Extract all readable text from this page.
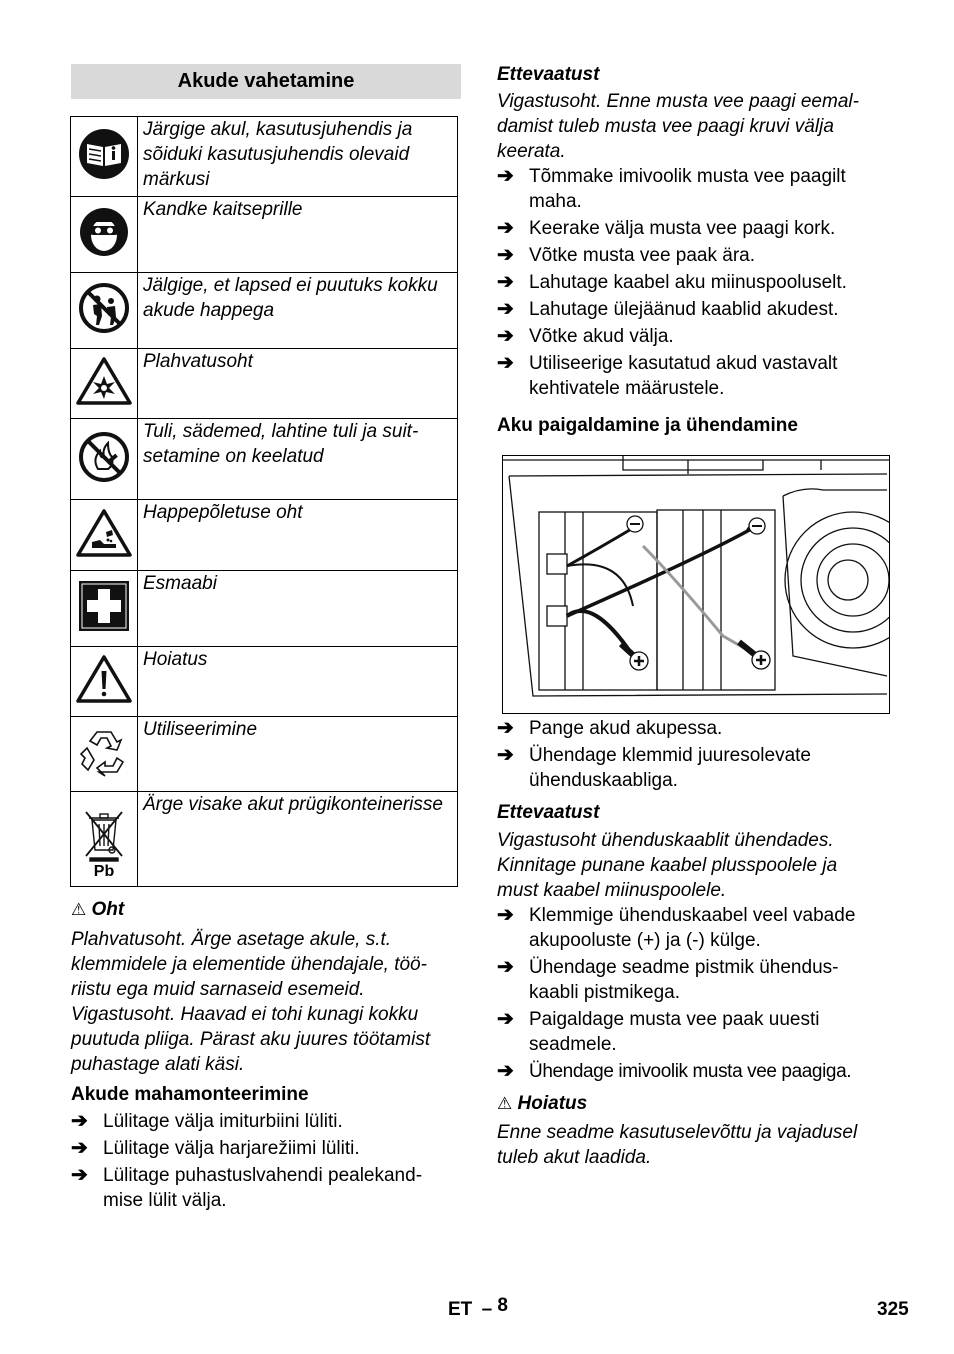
Akude vahetamine
	Järgige akul, kasutusjuhendis ja sõiduki kasutusjuhendis olevaid märkusi
	Kandke kaitseprille
	Jälgige, et lapsed ei puutuks kokku akude happega
	Plahvatusoht
	Tuli, sädemed, lahtine tuli ja suit-setamine on keelatud
	Happepõletuse oht
	Esmaabi
	Hoiatus
	Utiliseerimine

Pb	Ärge visake akut prügikonteinerisse
⚠ Oht
Plahvatusoht. Ärge asetage akule, s.t.
klemmidele ja elementide ühendajale, töö-
riistu ega muid sarnaseid esemeid.
Vigastusoht. Haavad ei tohi kunagi kokku
puutuda pliiga. Pärast aku juures töötamist
puhastage alati käsi.
Akude mahamonteerimine
➔ Lülitage välja imiturbiini lüliti.
➔ Lülitage välja harjarežiimi lüliti.
➔ Lülitage puhastuslvahendi pealekand-
mise lülit välja.
Ettevaatust
Vigastusoht. Enne musta vee paagi eemal-
damist tuleb musta vee paagi kruvi välja
keerata.
➔ Tõmmake imivoolik musta vee paagilt
maha.
➔ Keerake välja musta vee paagi kork.
➔ Võtke musta vee paak ära.
➔ Lahutage kaabel aku miinuspooluselt.
➔ Lahutage ülejäänud kaablid akudest.
➔ Võtke akud välja.
➔ Utiliseerige kasutatud akud vastavalt
kehtivatele määrustele.
Aku paigaldamine ja ühendamine
➔ Pange akud akupessa.
➔ Ühendage klemmid juuresolevate
ühenduskaabliga.
Ettevaatust
Vigastusoht ühenduskaablit ühendades.
Kinnitage punane kaabel plusspoolele ja
must kaabel miinuspoolele.
➔ Klemmige ühenduskaabel veel vabade
akupooluste (+) ja (-) külge.
➔ Ühendage seadme pistmik ühendus-
kaabli pistmikega.
➔ Paigaldage musta vee paak uuesti
seadmele.
➔ Ühendage imivoolik musta vee paagiga.
⚠ Hoiatus
Enne seadme kasutuselevõttu ja vajadusel
tuleb akut laadida.
ET – 8	325
